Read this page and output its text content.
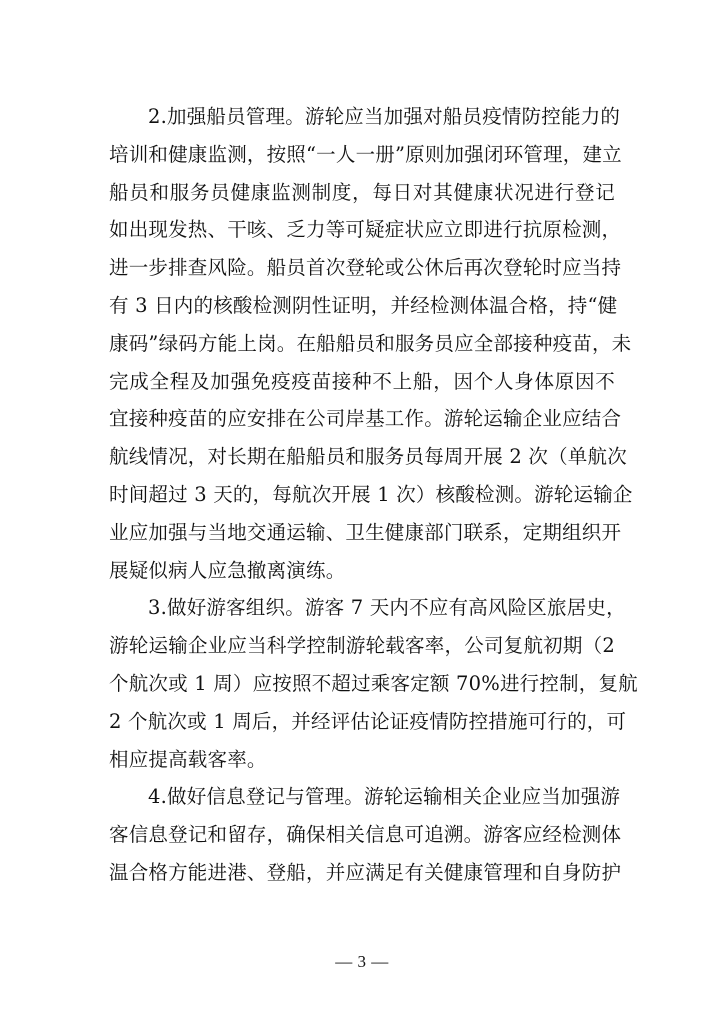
2.加强船员管理。游轮应当加强对船员疫情防控能力的
培训和健康监测，按照“一人一册”原则加强闭环管理，建立
船员和服务员健康监测制度，每日对其健康状况进行登记
如出现发热、干咳、乏力等可疑症状应立即进行抗原检测，
进一步排查风险。船员首次登轮或公休后再次登轮时应当持
有 3 日内的核酸检测阴性证明，并经检测体温合格，持“健
康码”绿码方能上岗。在船船员和服务员应全部接种疫苗，未
完成全程及加强免疫疫苗接种不上船，因个人身体原因不
宜接种疫苗的应安排在公司岸基工作。游轮运输企业应结合
航线情况，对长期在船船员和服务员每周开展 2 次（单航次
时间超过 3 天的，每航次开展 1 次）核酸检测。游轮运输企
业应加强与当地交通运输、卫生健康部门联系，定期组织开
展疑似病人应急撤离演练。

3.做好游客组织。游客 7 天内不应有高风险区旅居史，
游轮运输企业应当科学控制游轮载客率，公司复航初期（2
个航次或 1 周）应按照不超过乘客定额 70%进行控制，复航
2 个航次或 1 周后，并经评估论证疫情防控措施可行的，可
相应提高载客率。

4.做好信息登记与管理。游轮运输相关企业应当加强游
客信息登记和留存，确保相关信息可追溯。游客应经检测体
温合格方能进港、登船，并应满足有关健康管理和自身防护

— 3 —
